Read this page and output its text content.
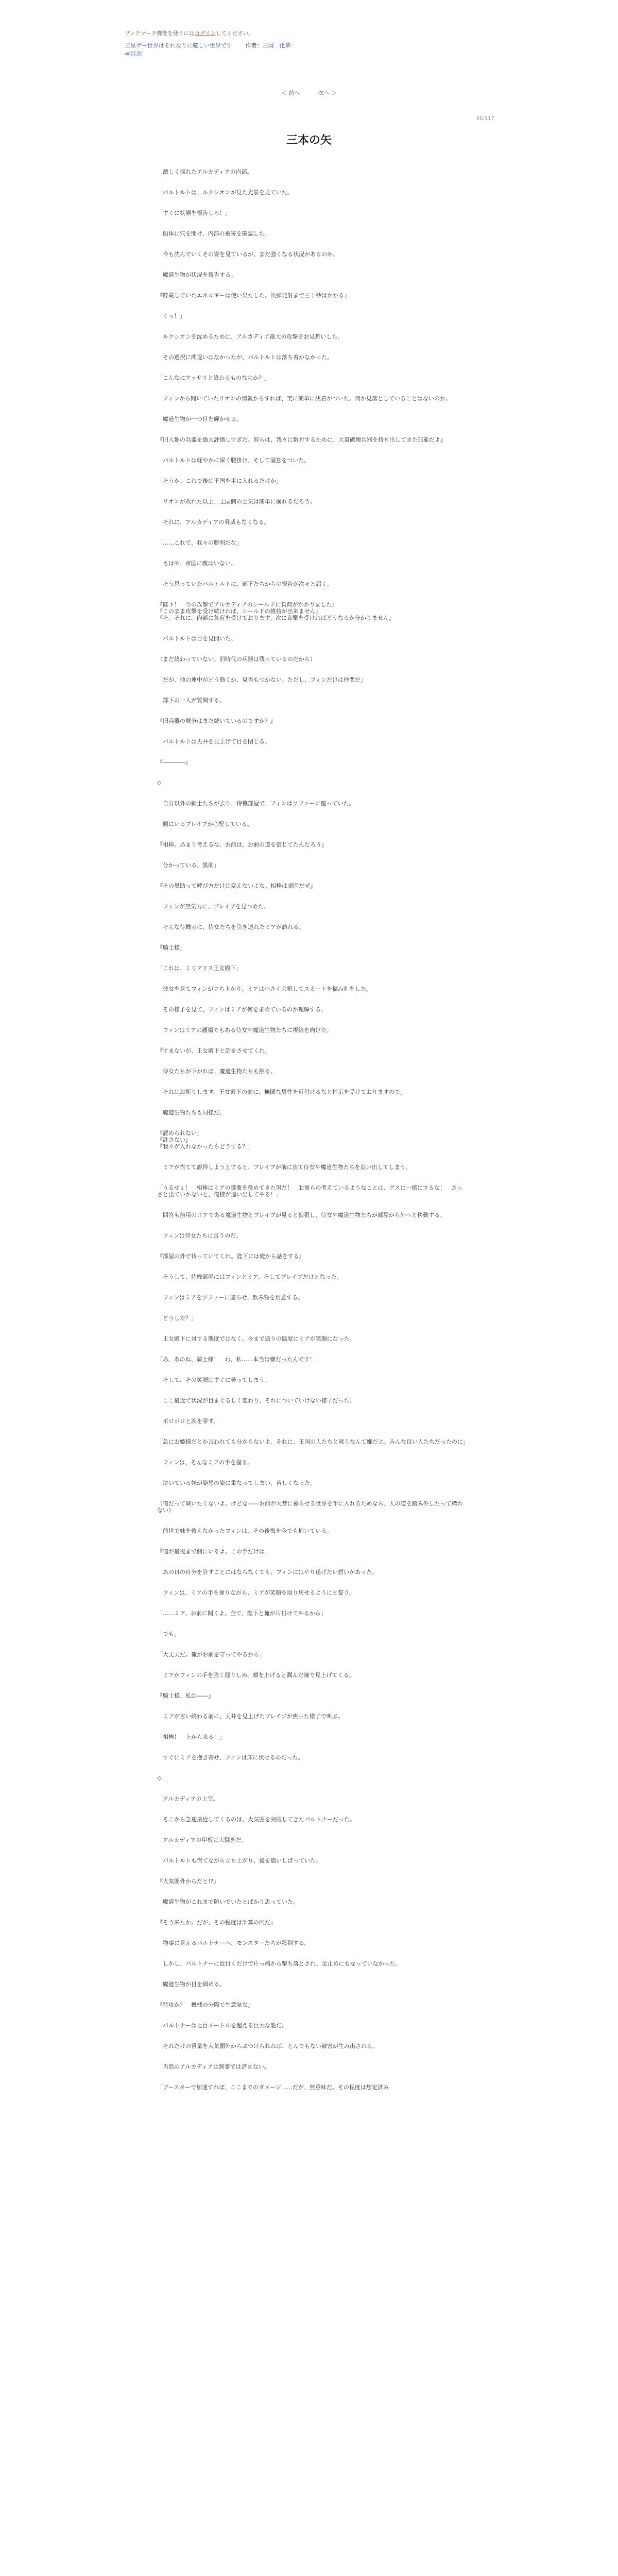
ブックマーク機能を使うにはログインしてください。
三星ゲー世界はそれなりに厳しい世界です 作者：三城　化夢
≪目次
＜ 前へ	次へ ＞
96/117
三本の矢

　激しく揺れたアルカディアの内部。

　パルトルトは、ルクシオンが見た光景を見ていた。

「すぐに状態を報告しろ！」

　船体に穴を開け、内部の被害を確認した。

　今も沈んでいくその姿を見ているが、まだ強くなる状況があるのか。

　魔道生物が状況を報告する。

『貯蔵していたエネルギーは使い果たした。次弾発射まで三十秒はかかる』

「くっ！」

　ルクシオンを沈めるために、アルカディア最大の攻撃をお見舞いした。

　その選択に間違いはなかったが、パルトルトは落ち着かなかった。

「こんなにアッサリと終わるものなのか？」

　フィンから聞いていたリオンの情報からすれば、実に簡単に決着がついた。何か見落としていることはないのか。

　魔道生物が一つ目を輝かせる。

『旧人類の兵器を過大評価しすぎだ。奴らは、我々に敵対するために、大量破壊兵器を持ち出してきた無能だよ』

　パルトルトは軽やかに深く腰掛け、そして溜息をついた。

「そうか。これで後は王国を手に入れるだけか」

　リオンが敗れた以上、王国側の士気は簡単に崩れるだろう。

　それに、アルカディアの脅威もなくなる。

「……これで、我々の勝利だな」

　もはや、帝国に敵はいない。

　そう思っていたパルトルトに、部下たちからの報告が次々と届く。

『陛下！　今の攻撃でアルカディアのシールドに負荷がかかりました』
『このまま攻撃を受け続ければ、シールドの維持が出来ません』
『そ、それに、内部に負荷を受けております。次に直撃を受ければどうなるか分かりません』

　パルトルトは目を見開いた。

（まだ終わっていない。旧時代の兵器は残っているのだから）

「だが、他の連中がどう動くか、見当もつかない。ただし、フィンだけは仲間だ」

　部下の一人が質問する。

『旧兵器の戦争はまだ続いているのですか？』

　パルトルトは天井を見上げて目を閉じる。

『――――』

◇

　自分以外の騎士たちが去り、待機部屋で、フィンはソファーに座っていた。

　側にいるブレイブが心配している。

『相棒。あまり考えるな。お前は、お前の道を信じてたんだろう』

「分かっている。黒助」

『その黒助って呼び方だけは変えないよな。相棒は頑固だぜ』

　フィンが無気力に、ブレイブを見つめた。

　そんな待機室に、侍女たちを引き連れたミアが訪れる。

『騎士様』

「これは、ミリアリス王女殿下」

　彼女を見てフィンが立ち上がり、ミアは小さく会釈してスカートを摘み礼をした。

　その様子を見て、フィンはミアが何を求めているのか理解する。

　フィンはミアの護衛でもある侍女や魔道生物たちに視線を向けた。

『すまないが、王女殿下と話をさせてくれ』

　侍女たちが下がれば、魔道生物たちも黙る。

「それはお断りします。王女殿下の前に、無闇な男性を近付けるなと指示を受けておりますので」

　魔道生物たちも同様だ。

『認められない』
『許さない』
『我々が入れなかったらどうする？』

　ミアが慌てて説得しようとすると、ブレイブが前に出て侍女や魔道生物たちを追い出してしまう。

「うるせぇ！　相棒はミアの護衛を務めてきた男だ！　お前らの考えているようなことは、ゲスに一緒にするな！　さっさと出ていかないと、俺様が追い出してやる！」

　問答も無用のコアである魔道生物とブレイブが見ると狼狽し、侍女や魔道生物たちが部屋から外へと移動する。

　フィンは侍女たちに言うのだ。

『部屋の外で待っていてくれ。陛下には俺から話をする』

　そうして、待機部屋にはフィンとミア、そしてブレイブだけとなった。

　フィンはミアをソファーに座らせ、飲み物を用意する。

「どうした？」

　王女殿下に対する態度ではなく、今まで通りの態度にミアが笑顔になった。

「あ、あのね、騎士様！　わ、私……本当は嫌だったんです！」

　そして、その笑顔はすぐに曇ってしまう。

　ここ最近で状況が目まぐるしく変わり、それについていけない様子だった。

　ポロポロと涙を零す。

「急にお姫様だとか言われても分からないよ。それに、王国の人たちと戦うなんて嫌だよ。みんな良い人たちだったのに」

　フィンは、そんなミアの手を握る。

　泣いている妹が姿想の姿に重なってしまい、苦しくなった。

（俺だって戦いたくないよ。けどな――お前が大昔に暮らせる世界を手に入れるためなら、人の道を踏み外したって構わない）

　前世で妹を救えなかったフィンは、その後悔を今でも抱いている。

『俺が最後まで側にいるよ。この手だけは』

　あの日の自分を許すことにはならなくても、フィンにはやり遂げたい想いがあった。

　フィンは、ミアの手を握りながら、ミアが笑顔を取り戻せるようにと誓う。

「……ミア、お前に聞くよ。全て、陛下と俺が片付けてやるから」

「でも」

「大丈夫だ。俺がお前を守ってやるから」

　ミアがフィンの手を強く握りしめ、顔を上げると潤んだ瞳で見上げてくる。

『騎士様、私は――』

　ミアが言い終わる前に、天井を見上げたブレイブが焦った様子で叫ぶ。

「相棒！　上から来る！」

　すぐにミアを抱き寄せ、フィンは床に伏せるのだった。

◇

　アルカディアの上空。

　そこから急速接近してくるのは、大気圏を突破してきたパルトナーだった。

　アルカディアの甲板は大騒ぎだ。

　パルトルトも慌てながら立ち上がり、後を追いしばっていた。

『大気圏外からだと!?』

　魔道生物がこれまで防いでいたとばかり思っていた。

『そう来たか。だが、その程度は計算の内だ』

　物事に見えるパルトナーへ、モンスターたちが殺到する。

　しかし、パルトナーに近付くだけで片っ端から撃ち落とされ、足止めにもなっていなかった。

　魔道生物が目を細める。

『特攻か？　機械の分際で生意気な』

　パルトナーは七百メートルを超える巨大な船だ。

　それだけの質量を大気圏外からぶつけられれば、とんでもない被害が生み出される。

　当然のアルカディアは無事では済まない。

「ブースターで加速すれば、ここまでのダメージ……だが、無意味だ。その程度は想定済み
